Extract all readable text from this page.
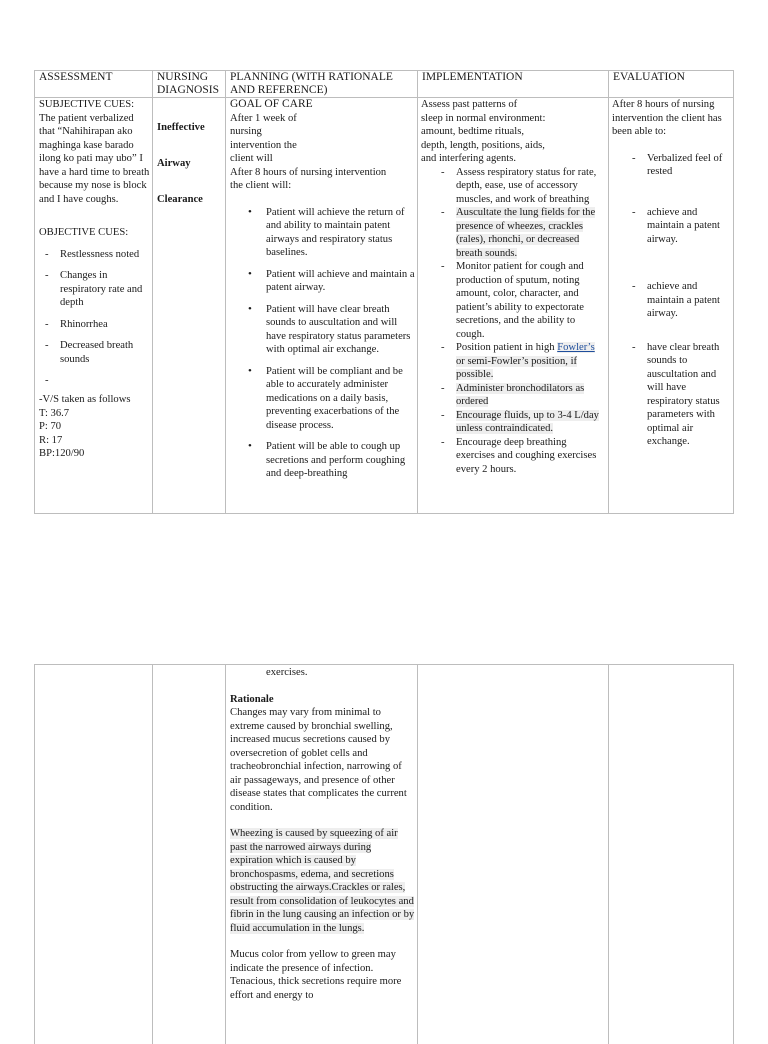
ASSESSMENT	NURSING DIAGNOSIS
PLANNING (WITH RATIONALE AND REFERENCE)
IMPLEMENTATION	EVALUATION
SUBJECTIVE CUES:
The patient verbalized that “Nahihirapan ako maghinga kase barado ilong ko pati may ubo” I have a hard time to breath because my nose is block and I have coughs.
OBJECTIVE CUES:
- Restlessness noted
- Changes in respiratory rate and depth
- Rhinorrhea
- Decreased breath sounds
-
-V/S taken as follows
T: 36.7
P: 70
R: 17
BP:120/90
Ineffective
Airway
Clearance
GOAL OF CARE
After 1 week of
nursing
intervention the
client will
After 8 hours of nursing intervention
the client will:
• Patient will achieve the return of and ability to maintain patent airways and respiratory status baselines.
• Patient will achieve and maintain a patent airway.
• Patient will have clear breath sounds to auscultation and will have respiratory status parameters with optimal air exchange.
• Patient will be compliant and be able to accurately administer medications on a daily basis, preventing exacerbations of the disease process.
• Patient will be able to cough up secretions and perform coughing and deep-breathing
Assess past patterns of
sleep in normal environment:
amount, bedtime rituals,
depth, length, positions, aids,
and interfering agents.
- Assess respiratory status for rate, depth, ease, use of accessory muscles, and work of breathing
- Auscultate the lung fields for the presence of wheezes, crackles (rales), rhonchi, or decreased breath sounds.
- Monitor patient for cough and production of sputum, noting amount, color, character, and patient’s ability to expectorate secretions, and the ability to cough.
- Position patient in high Fowler’s or semi-Fowler’s position, if possible.
- Administer bronchodilators as ordered
- Encourage fluids, up to 3-4 L/day unless contraindicated.
- Encourage deep breathing exercises and coughing exercises every 2 hours.
After 8 hours of nursing intervention the client has been able to:
- Verbalized feel of rested
- achieve and maintain a patent airway.
- achieve and maintain a patent airway.
- have clear breath sounds to auscultation and will have respiratory status parameters with optimal air exchange.
exercises.
Rationale
Changes may vary from minimal to extreme caused by bronchial swelling, increased mucus secretions caused by oversecretion of goblet cells and tracheobronchial infection, narrowing of air passageways, and presence of other disease states that complicates the current condition.
Wheezing is caused by squeezing of air past the narrowed airways during expiration which is caused by bronchospasms, edema, and secretions obstructing the airways.Crackles or rales, result from consolidation of leukocytes and fibrin in the lung causing an infection or by fluid accumulation in the lungs.
Mucus color from yellow to green may indicate the presence of infection. Tenacious, thick secretions require more effort and energy to
